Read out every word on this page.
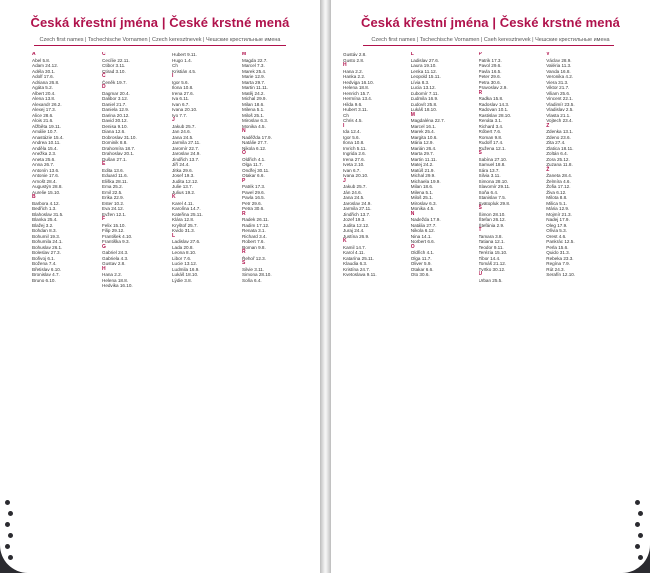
Česká křestní jména | České krstné mená
Czech first names | Tschechische Vornamen | Czech keresztnevek | Чешские крестильные имена
A
Abel 5.8.
Adam 24.12.
Adéla 30.1.
Adolf 17.6.
Adriana 26.8.
Agáta 5.2.
Albert 20.4.
Alena 13.8.
Alexandr 26.2.
Alexej 17.3.
Alice 28.6.
Alois 21.6.
Alžběta 19.11.
Amálie 10.7.
Anastázie 15.4.
Andrea 10.11.
Anděla 15.4.
Anežka 2.3.
Aneta 25.6.
Anna 26.7.
Antonín 13.6.
Antonie 17.6.
Arnošt 28.4.
Augustýn 28.8.
Aurelie 15.10.
B
Barbora 4.12.
Bedřich 1.3.
Blahoslav 31.5.
Blanka 25.4.
Blažej 3.2.
Bohdan 8.3.
Bohumil 19.3.
Bohumila 24.1.
Bohuslav 26.1.
Boleslav 27.3.
Bořivoj 6.1.
Božena 7.4.
Břetislav 6.10.
Bronislav 4.7.
Bruno 6.10.
C
Cecílie 22.11.
Ctibor 3.11.
Ctirad 3.10.
Č
Čeněk 19.7.
D
Dagmar 20.4.
Dalibor 3.12.
Daniel 21.7.
Daniela 12.9.
Darina 20.12.
David 30.12.
Denisa 9.10.
Diana 12.6.
Dobroslav 31.10.
Dominik 8.8.
Drahomíra 18.7.
Drahoslav 20.1.
Dušan 27.1.
E
Edita 13.6.
Eduard 11.6.
Eliška 28.11.
Ema 25.2.
Emil 22.5.
Erika 22.9.
Ester 10.2.
Eva 24.12.
Evžen 12.1.
F
Felix 15.10.
Filip 29.12.
František 4.10.
Františka 9.3.
G
Gabriel 24.3.
Gabriela 4.3.
Gustav 2.8.
H
Hana 2.2.
Helena 18.8.
Hedvika 16.10.
Hubert 9.11.
Hugo 1.4.
Ch
Kristián 4.5.
I
Igor 5.6.
Ilona 10.8.
Irena 27.6.
Iva 6.11.
Ivan 6.7.
Ivana 20.10.
Ivo 7.7.
J
Jakub 25.7.
Jan 24.6.
Jana 24.5.
Jarmila 27.11.
Jaromír 22.7.
Jaroslav 24.9.
Jindřich 13.7.
Jiří 24.4.
Jitka 29.6.
Josef 19.3.
Judita 12.12.
Julie 13.7.
Julius 19.2.
K
Karel 4.11.
Karolína 14.7.
Kateřina 25.11.
Klára 12.8.
Kryštof 25.7.
Kvido 31.3.
L
Ladislav 27.6.
Lada 20.8.
Leona 8.10.
Libor 7.6.
Lucie 13.12.
Ludmila 16.9.
Lukáš 18.10.
Lýdie 3.8.
M
Magda 22.7.
Marcel 7.3.
Marek 25.4.
Marie 12.9.
Marta 29.7.
Martin 11.11.
Matěj 24.2.
Michal 29.9.
Milan 18.6.
Milena 5.1.
Miloš 25.1.
Miroslav 6.3.
Monika 4.5.
N
Naděžda 17.9.
Natálie 27.7.
Nikola 6.12.
O
Oldřich 4.1.
Olga 11.7.
Ondřej 30.11.
Otakar 6.6.
P
Patrik 17.3.
Pavel 29.6.
Pavla 16.5.
Petr 29.6.
Petra 30.6.
R
Radek 26.11.
Radim 17.12.
Renata 3.1.
Richard 3.4.
Robert 7.6.
Roman 9.8.
Ř
Řehoř 12.3.
S
Silvie 3.11.
Simona 28.10.
Soňa 6.4.
Česká křestní jména | České krstné mená
Czech first names | Tschechische Vornamen | Cseh keresztnevek | Чешские крестильные имена
Gustáv 2.8.
Gusto 2.8.
H
Hana 2.2.
Hanka 2.2.
Hedviga 16.10.
Helena 18.8.
Henrich 15.7.
Hermína 13.4.
Hilda 9.6.
Hubert 3.11.
Ch
Chris 4.5.
I
Ida 12.4.
Igor 5.6.
Ilona 10.8.
Imrich 5.11.
Ingrida 2.6.
Irena 27.6.
Iveta 2.10.
Ivan 6.7.
Ivana 20.10.
J
Jakub 25.7.
Ján 24.6.
Jana 24.5.
Jaroslav 24.9.
Jarmila 27.11.
Jindřich 13.7.
Jozef 19.3.
Judita 12.12.
Juraj 24.4.
Justína 26.9.
K
Kamil 14.7.
Karol 4.11.
Katarína 25.11.
Klaudia 6.3.
Kristína 24.7.
Kvetoslava 9.11.
L
Ladislav 27.6.
Laura 19.10.
Lenka 11.12.
Leopold 15.11.
Lívia 8.3.
Lucia 13.12.
Ľubomír 7.11.
Ľudmila 16.9.
Ľudovít 25.8.
Lukáš 18.10.
M
Magdaléna 22.7.
Marcel 16.1.
Marek 25.4.
Margita 10.6.
Mária 12.9.
Marián 26.4.
Marta 29.7.
Martin 11.11.
Matej 24.2.
Matúš 21.9.
Michal 29.9.
Michaela 19.9.
Milan 18.6.
Milena 5.1.
Miloš 25.1.
Miroslav 6.3.
Monika 4.5.
N
Nadežda 17.9.
Natália 27.7.
Nikola 6.12.
Nina 14.1.
Norbert 6.6.
O
Oldřich 4.1.
Olga 11.7.
Oliver 5.9.
Otakar 6.6.
Oto 30.6.
P
Patrik 17.3.
Pavol 29.6.
Pavla 16.5.
Peter 29.6.
Petra 30.6.
Pravoslav 2.9.
R
Radka 15.8.
Radoslav 14.3.
Radovan 10.1.
Rastislav 28.10.
Renáta 3.1.
Richard 3.4.
Róbert 7.6.
Roman 9.8.
Rudolf 17.4.
Ružena 12.1.
S
Sabína 27.10.
Samuel 18.8.
Sára 13.7.
Silvia 3.11.
Simona 28.10.
Slavomír 29.11.
Soňa 6.4.
Stanislav 7.5.
Svätopluk 29.8.
Š
Šimon 28.10.
Štefan 26.12.
Štefánia 2.9.
T
Tamara 3.8.
Tatiana 12.1.
Teodor 9.11.
Terézia 15.10.
Tibor 14.4.
Tomáš 21.12.
Tvrtko 30.12.
U
Urban 25.5.
V
Václav 28.9.
Valéria 11.3.
Vanda 16.8.
Veronika 4.2.
Viera 31.3.
Viktor 21.7.
Viliam 25.6.
Vincent 22.1.
Vladimír 23.5.
Vladislav 2.5.
Vlasta 21.1.
Vojtech 23.4.
Z
Zdenka 13.1.
Zdeno 23.6.
Zita 27.4.
Zlatica 18.11.
Zoltán 6.4.
Zora 25.12.
Zuzana 11.8.
Ž
Žaneta 28.4.
Želmíra 4.6.
Žofia 17.12.
Živa 6.12.
Milota 8.8.
Milica 5.1.
Mária 12.9.
Mojmír 21.3.
Nadej 17.9.
Oleg 17.9.
Olívia 5.3.
Orest 4.6.
Pankrác 12.5.
Perla 15.6.
Quido 31.3.
Rebeka 23.3.
Regína 7.9.
Rút 24.3.
Serafín 12.10.
